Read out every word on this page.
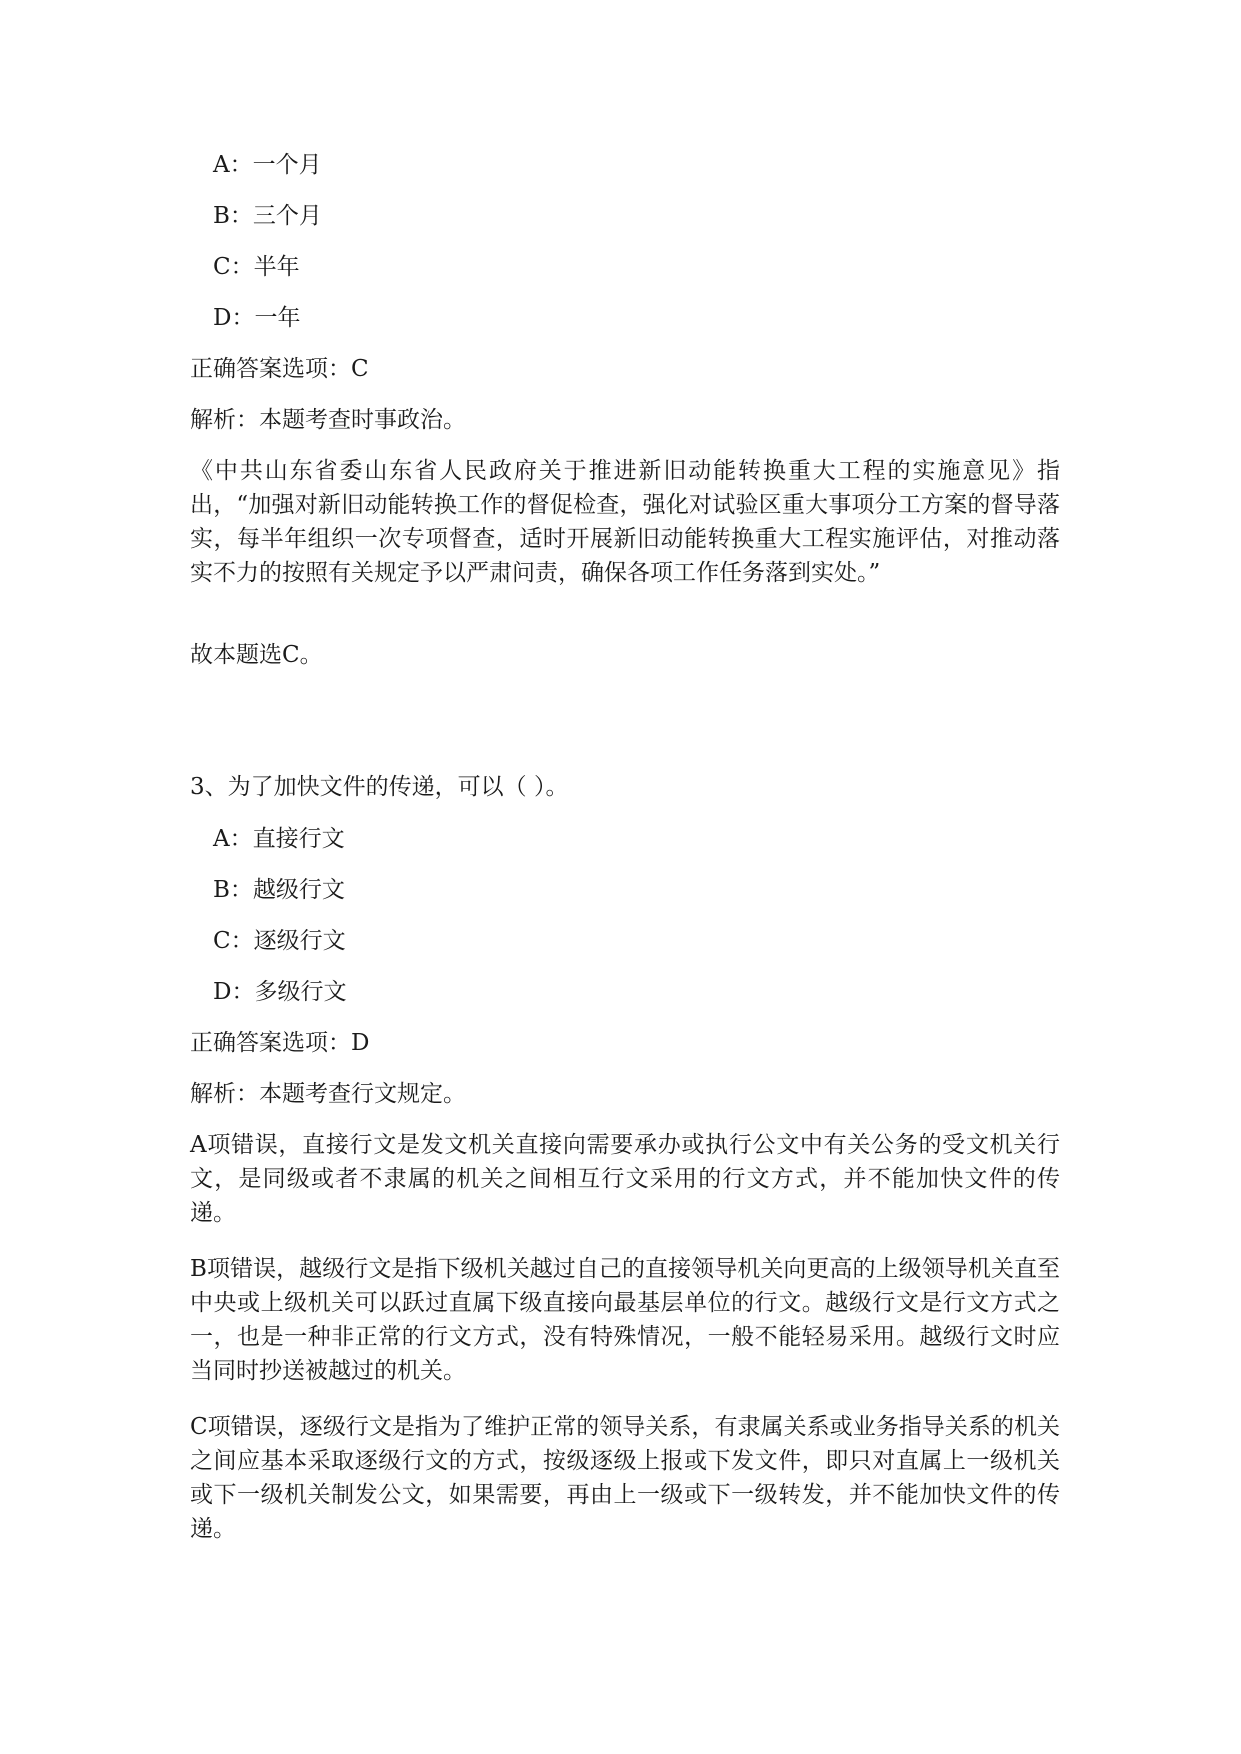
A：一个月
B：三个月
C：半年
D：一年
正确答案选项：C
解析：本题考查时事政治。
《中共山东省委山东省人民政府关于推进新旧动能转换重大工程的实施意见》指出，“加强对新旧动能转换工作的督促检查，强化对试验区重大事项分工方案的督导落实，每半年组织一次专项督查，适时开展新旧动能转换重大工程实施评估，对推动落实不力的按照有关规定予以严肃问责，确保各项工作任务落到实处。”
故本题选C。
3、为了加快文件的传递，可以（ ）。
A：直接行文
B：越级行文
C：逐级行文
D：多级行文
正确答案选项：D
解析：本题考查行文规定。
A项错误，直接行文是发文机关直接向需要承办或执行公文中有关公务的受文机关行文，是同级或者不隶属的机关之间相互行文采用的行文方式，并不能加快文件的传递。
B项错误，越级行文是指下级机关越过自己的直接领导机关向更高的上级领导机关直至中央或上级机关可以跃过直属下级直接向最基层单位的行文。越级行文是行文方式之一，也是一种非正常的行文方式，没有特殊情况，一般不能轻易采用。越级行文时应当同时抄送被越过的机关。
C项错误，逐级行文是指为了维护正常的领导关系，有隶属关系或业务指导关系的机关之间应基本采取逐级行文的方式，按级逐级上报或下发文件，即只对直属上一级机关或下一级机关制发公文，如果需要，再由上一级或下一级转发，并不能加快文件的传递。
